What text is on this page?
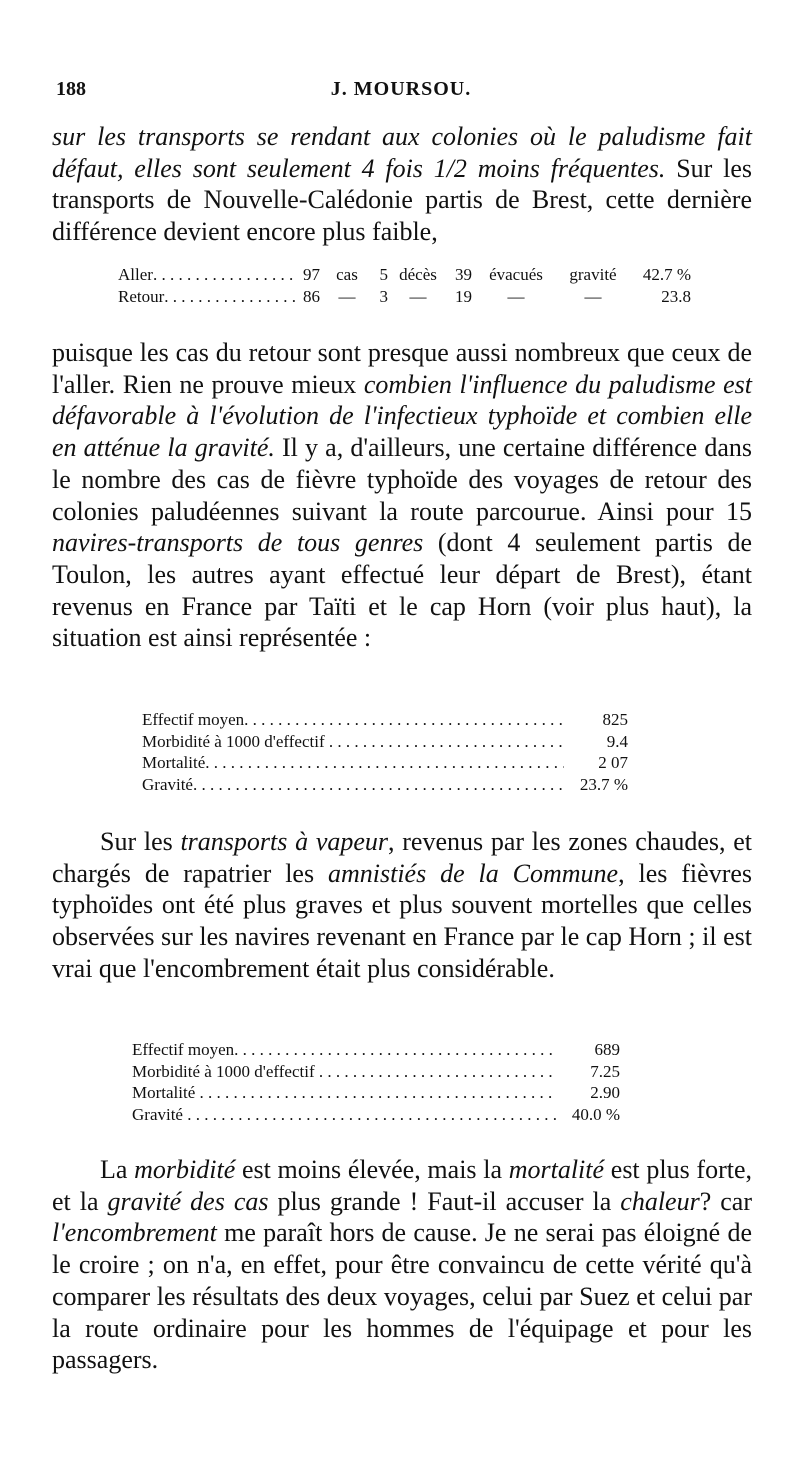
188	J. MOURSOU.

sur les transports se rendant aux colonies où le paludisme fait défaut, elles sont seulement 4 fois 1/2 moins fréquentes. Sur les transports de Nouvelle-Calédonie partis de Brest, cette dernière différence devient encore plus faible,

Aller . . .	97 cas	5 décès	39	évacués	gravité	42.7 %
Retour . . .	86	—	3	—	19	—	—	23.8

puisque les cas du retour sont presque aussi nombreux que ceux de l'aller. Rien ne prouve mieux combien l'influence du paludisme est défavorable à l'évolution de l'infectieux typhoïde et combien elle en atténue la gravité. Il y a, d'ailleurs, une certaine différence dans le nombre des cas de fièvre typhoïde des voyages de retour des colonies paludéennes suivant la route parcourue. Ainsi pour 15 navires-transports de tous genres (dont 4 seulement partis de Toulon, les autres ayant effectué leur départ de Brest), étant revenus en France par Taïti et le cap Horn (voir plus haut), la situation est ainsi représentée :

Effectif moyen. . . .	825
Morbidité à 1000 d'effectif . . .	9.4
Mortalité. . . .	2 07
Gravité. . . .	23.7 %

Sur les transports à vapeur, revenus par les zones chaudes, et chargés de rapatrier les amnistiés de la Commune, les fièvres typhoïdes ont été plus graves et plus souvent mortelles que celles observées sur les navires revenant en France par le cap Horn ; il est vrai que l'encombrement était plus considérable.

Effectif moyen. . . .	689
Morbidité à 1000 d'effectif . . .	7.25
Mortalité . . .	2.90
Gravité . . .	40.0 %

La morbidité est moins élevée, mais la mortalité est plus forte, et la gravité des cas plus grande ! Faut-il accuser la chaleur? car l'encombrement me paraît hors de cause. Je ne serai pas éloigné de le croire ; on n'a, en effet, pour être convaincu de cette vérité qu'à comparer les résultats des deux voyages, celui par Suez et celui par la route ordinaire pour les hommes de l'équipage et pour les passagers.
